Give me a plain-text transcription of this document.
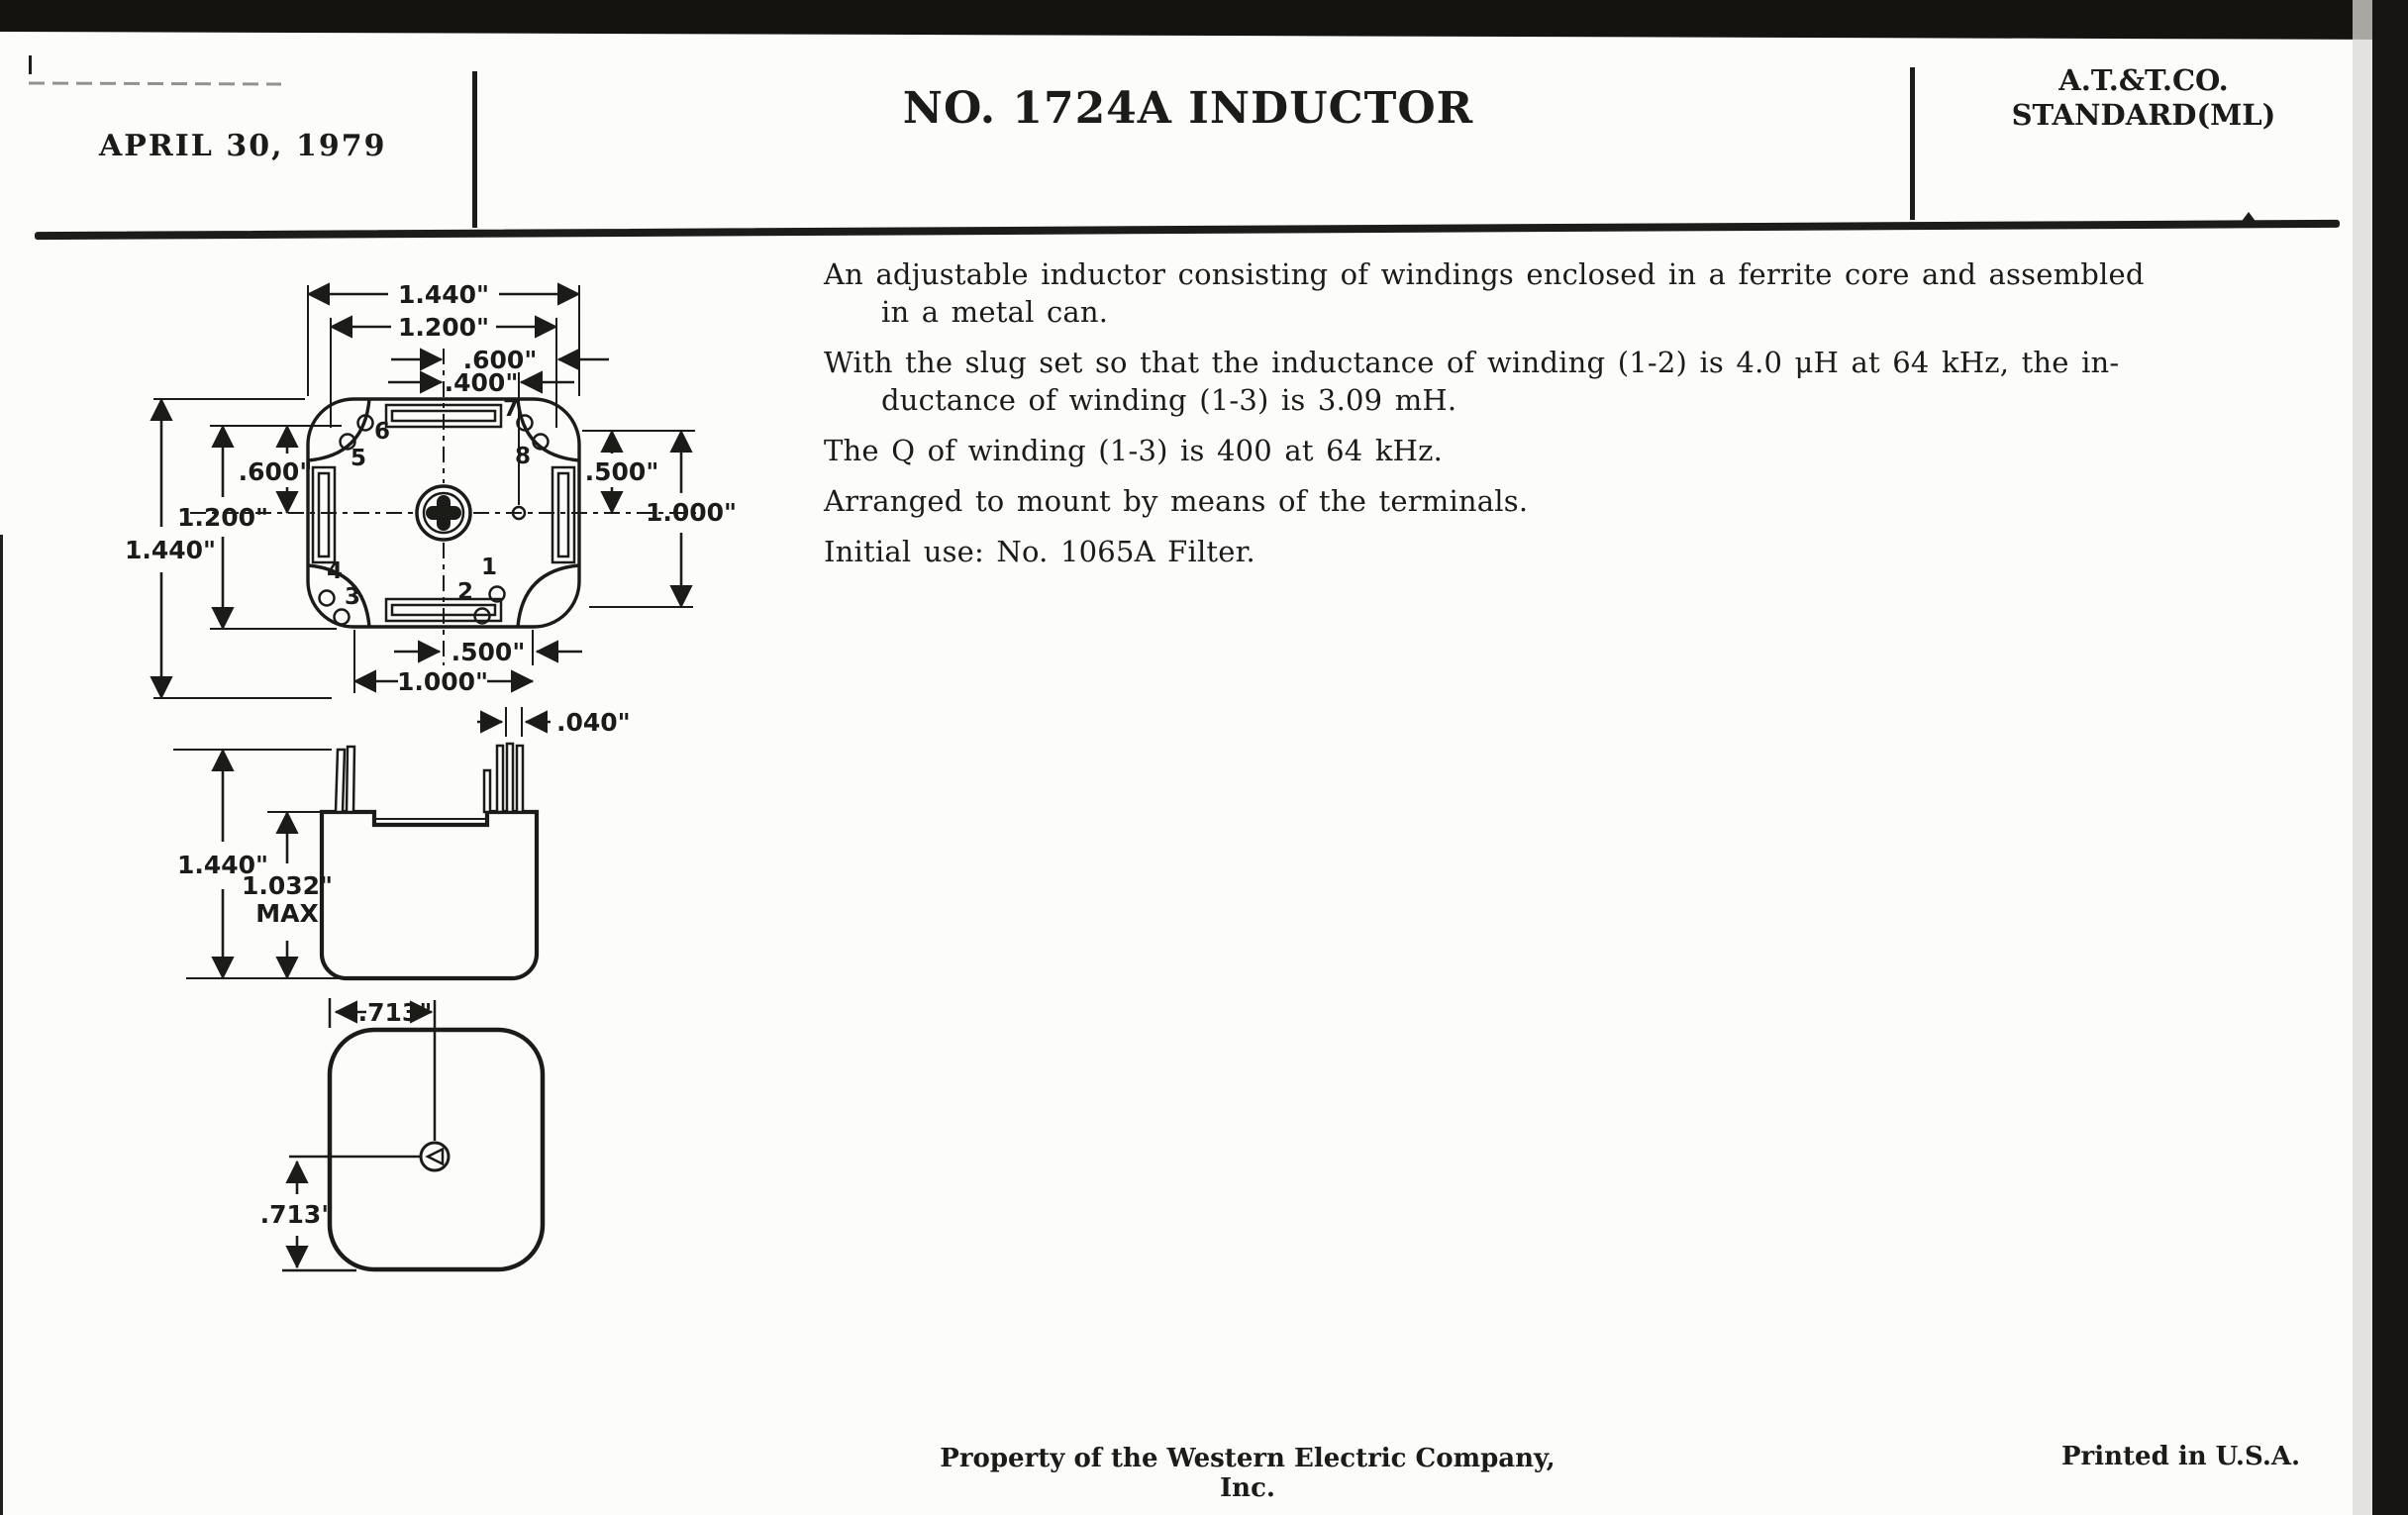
APRIL 30, 1979
NO. 1724A INDUCTOR
A.T.&T.CO.
STANDARD(ML)
5
6
7
8
4
3
1
2
1.440"
1.200"
.600"
.400"
1.440"
1.200"
.600"	.500"
1.000"
.500"
1.000"
.040"
1.440"
1.032"
MAX
.713"
.713"

An adjustable inductor consisting of windings enclosed in a ferrite core and assembled
in a metal can.

With the slug set so that the inductance of winding (1-2) is 4.0 μH at 64 kHz, the in-
ductance of winding (1-3) is 3.09 mH.

The Q of winding (1-3) is 400 at 64 kHz.

Arranged to mount by means of the terminals.

Initial use: No. 1065A Filter.

Property of the Western Electric Company, Inc.
Printed in U.S.A.
